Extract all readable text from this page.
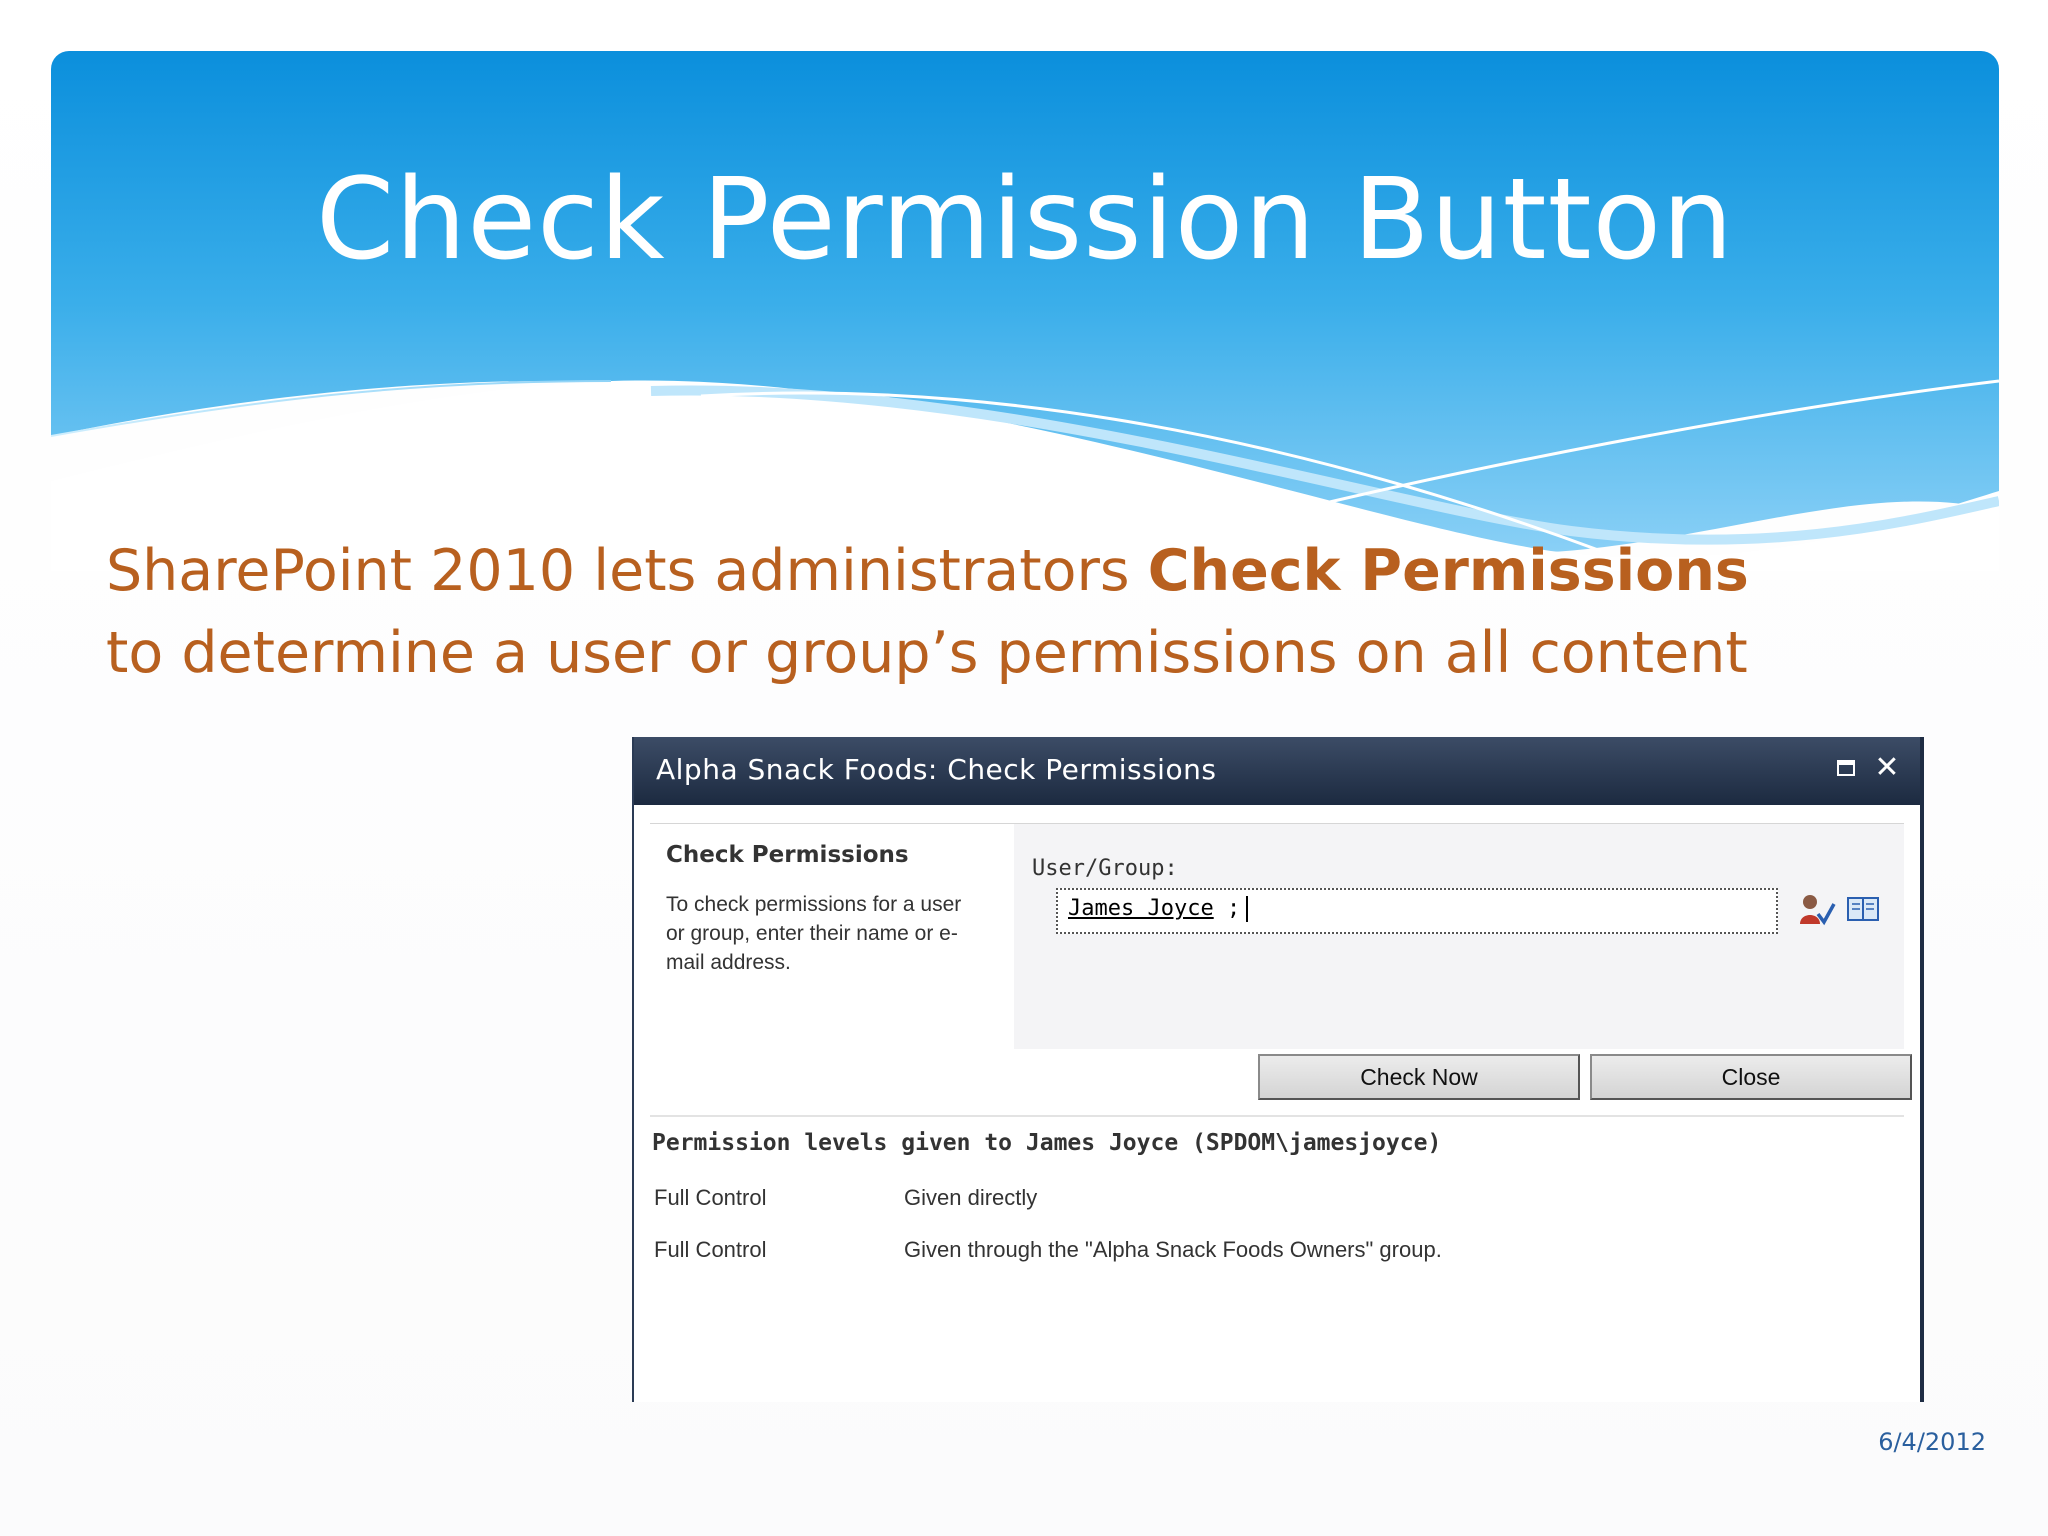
Check Permission Button
SharePoint 2010 lets administrators Check Permissions to determine a user or group’s permissions on all content
Alpha Snack Foods: Check Permissions	✕
Check Permissions
To check permissions for a user or group, enter their name or e-mail address.
User/Group:
James Joyce ;
Check Now	Close
Permission levels given to James Joyce (SPDOM\jamesjoyce)
Full Control	Given directly
Full Control	Given through the "Alpha Snack Foods Owners" group.
6/4/2012
